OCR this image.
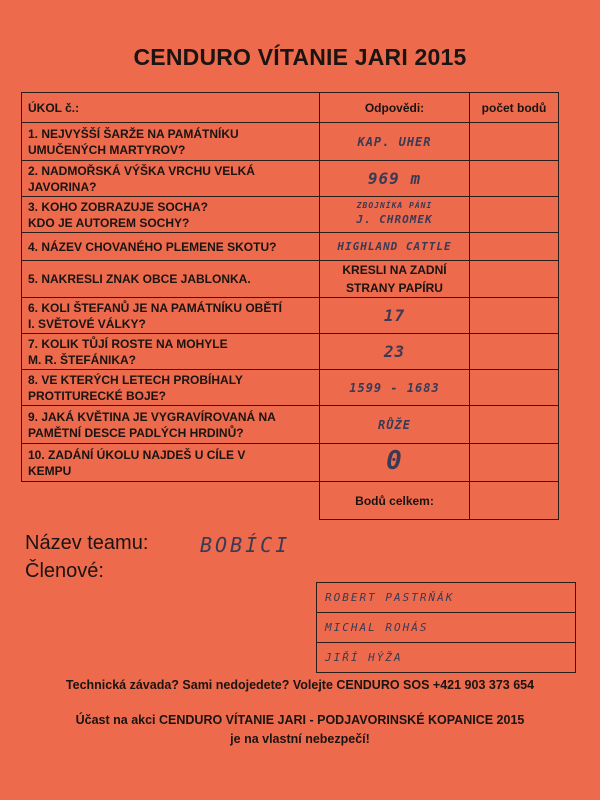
CENDURO VÍTANIE JARI 2015
ÚKOL č.:	Odpovědi:	počet bodů
1. NEJVYŠŠÍ ŠARŽE NA PAMÁTNÍKU
UMUČENÝCH MARTYROV?	KAP. UHER	
2. NADMOŘSKÁ VÝŠKA VRCHU VELKÁ
JAVORINA?	969 m	

3. KOHO ZOBRAZUJE SOCHA?
KDO JE AUTOREM SOCHY?	ZBOJNÍKA PÁNI
J. CHROMEK	
4. NÁZEV CHOVANÉHO PLEMENE SKOTU?	HIGHLAND CATTLE	
5. NAKRESLI ZNAK OBCE JABLONKA.	KRESLI NA ZADNÍ
STRANY PAPÍRU	
6. KOLI ŠTEFANŮ JE NA PAMÁTNÍKU OBĚTÍ
I. SVĚTOVÉ VÁLKY?	17	

7. KOLIK TŮJÍ ROSTE NA MOHYLE
M. R. ŠTEFÁNIKA?	23	

8. VE KTERÝCH LETECH PROBÍHALY
PROTITURECKÉ BOJE?	1599 - 1683	
9. JAKÁ KVĚTINA JE VYGRAVÍROVANÁ NA
PAMĚTNÍ DESCE PADLÝCH HRDINŮ?	RŮŽE	
10. ZADÁNÍ ÚKOLU NAJDEŠ U CÍLE V
KEMPU	0	
	Bodů celkem:	
Název teamu:	BOBÍCI
Členové:
ROBERT PASTRŇÁK
MICHAL ROHÁS
JIŘÍ HÝŽA
Technická závada? Sami nedojedete? Volejte CENDURO SOS +421 903 373 654
Účast na akci CENDURO VÍTANIE JARI - PODJAVORINSKÉ KOPANICE 2015
je na vlastní nebezpečí!
